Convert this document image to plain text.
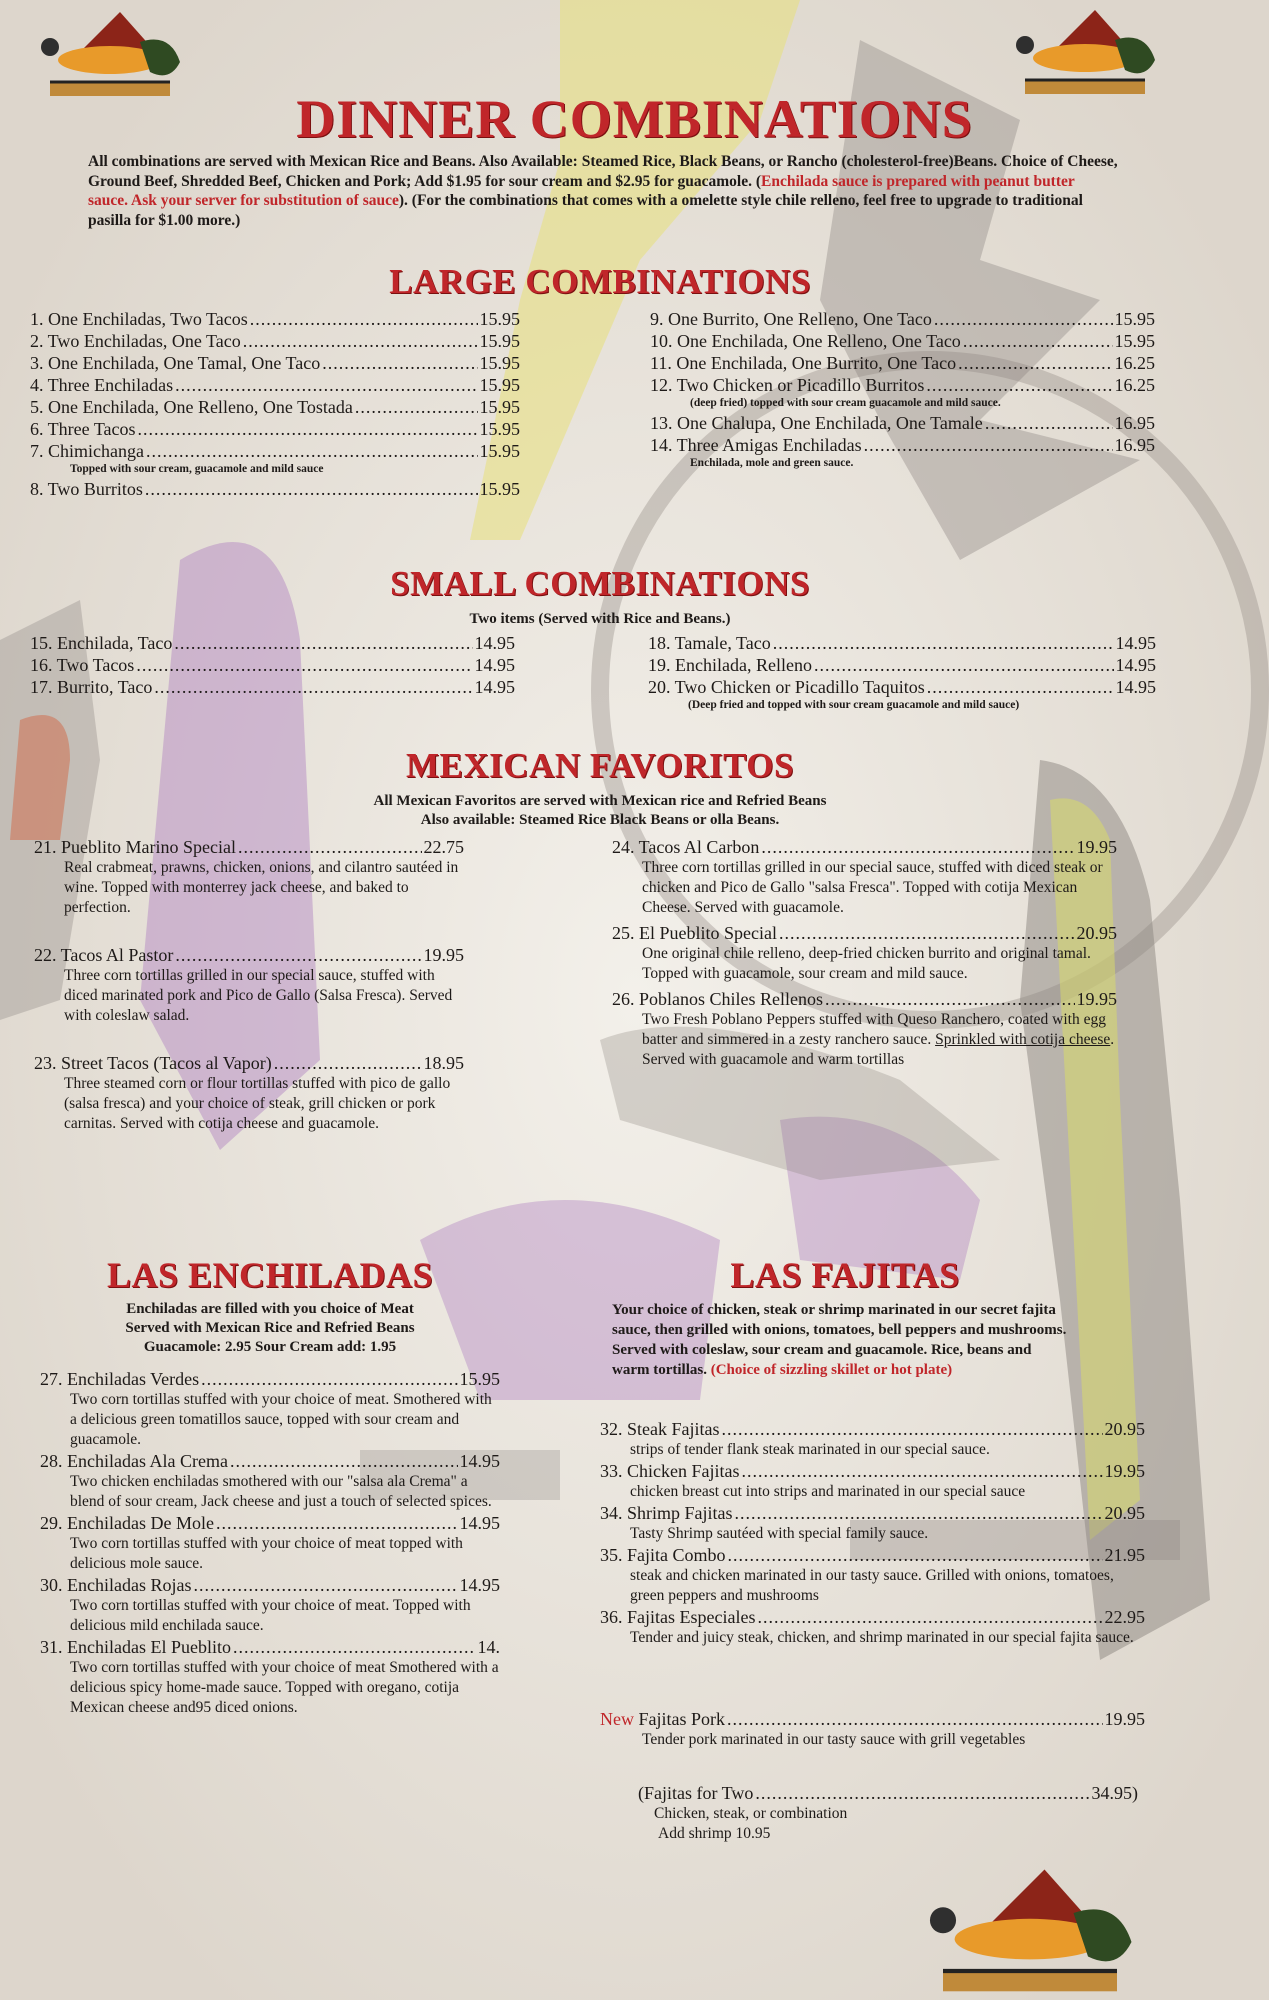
DINNER COMBINATIONS
All combinations are served with Mexican Rice and Beans. Also Available: Steamed Rice, Black Beans, or Rancho (cholesterol-free)Beans. Choice of Cheese, Ground Beef, Shredded Beef, Chicken and Pork; Add $1.95 for sour cream and $2.95 for guacamole. (Enchilada sauce is prepared with peanut butter sauce. Ask your server for substitution of sauce). (For the combinations that comes with a omelette style chile relleno, feel free to upgrade to traditional pasilla for $1.00 more.)
LARGE COMBINATIONS
1. One Enchiladas, Two Tacos .....	15.95
2. Two Enchiladas, One Taco .....	15.95
3. One Enchilada, One Tamal, One Taco .....	15.95
4. Three Enchiladas .....	15.95
5. One Enchilada, One Relleno, One Tostada .....	15.95
6. Three Tacos .....	15.95
7. Chimichanga .....	15.95
Topped with sour cream, guacamole and mild sauce
8. Two Burritos .....	15.95
9. One Burrito, One Relleno, One Taco .....	15.95
10. One Enchilada, One Relleno, One Taco .....	15.95
11. One Enchilada, One Burrito, One Taco .....	16.25
12. Two Chicken or Picadillo Burritos .....	16.25
(deep fried) topped with sour cream guacamole and mild sauce.
13. One Chalupa, One Enchilada, One Tamale .....	16.95
14. Three Amigas Enchiladas .....	16.95
Enchilada, mole and green sauce.
SMALL COMBINATIONS
Two items (Served with Rice and Beans.)
15. Enchilada, Taco .....	14.95
16. Two Tacos .....	14.95
17. Burrito, Taco .....	14.95
18. Tamale, Taco .....	14.95
19. Enchilada, Relleno .....	14.95
20. Two Chicken or Picadillo Taquitos .....	14.95
(Deep fried and topped with sour cream guacamole and mild sauce)
MEXICAN FAVORITOS
All Mexican Favoritos are served with Mexican rice and Refried Beans
Also available: Steamed Rice Black Beans or olla Beans.
21. Pueblito Marino Special .....	22.75
Real crabmeat, prawns, chicken, onions, and cilantro sautéed in wine. Topped with monterrey jack cheese, and baked to perfection.
22. Tacos Al Pastor .....	19.95
Three corn tortillas grilled in our special sauce, stuffed with diced marinated pork and Pico de Gallo (Salsa Fresca). Served with coleslaw salad.
23. Street Tacos (Tacos al Vapor) .....	18.95
Three steamed corn or flour tortillas stuffed with pico de gallo (salsa fresca) and your choice of steak, grill chicken or pork carnitas. Served with cotija cheese and guacamole.
24. Tacos Al Carbon .....	19.95
Three corn tortillas grilled in our special sauce, stuffed with diced steak or chicken and Pico de Gallo "salsa Fresca". Topped with cotija Mexican Cheese. Served with guacamole.
25. El Pueblito Special .....	20.95
One original chile relleno, deep-fried chicken burrito and original tamal. Topped with guacamole, sour cream and mild sauce.
26. Poblanos Chiles Rellenos .....	19.95
Two Fresh Poblano Peppers stuffed with Queso Ranchero, coated with egg batter and simmered in a zesty ranchero sauce. Sprinkled with cotija cheese. Served with guacamole and warm tortillas
LAS ENCHILADAS
Enchiladas are filled with you choice of Meat
Served with Mexican Rice and Refried Beans
Guacamole: 2.95 Sour Cream add: 1.95
27. Enchiladas Verdes .....	15.95
Two corn tortillas stuffed with your choice of meat. Smothered with a delicious green tomatillos sauce, topped with sour cream and guacamole.
28. Enchiladas Ala Crema .....	14.95
Two chicken enchiladas smothered with our "salsa ala Crema" a blend of sour cream, Jack cheese and just a touch of selected spices.
29. Enchiladas De Mole .....	14.95
Two corn tortillas stuffed with your choice of meat topped with delicious mole sauce.
30. Enchiladas Rojas .....	14.95
Two corn tortillas stuffed with your choice of meat. Topped with delicious mild enchilada sauce.
31. Enchiladas El Pueblito .....	14.
Two corn tortillas stuffed with your choice of meat Smothered with a delicious spicy home-made sauce. Topped with oregano, cotija Mexican cheese and95 diced onions.
LAS FAJITAS
Your choice of chicken, steak or shrimp marinated in our secret fajita sauce, then grilled with onions, tomatoes, bell peppers and mushrooms. Served with coleslaw, sour cream and guacamole. Rice, beans and warm tortillas. (Choice of sizzling skillet or hot plate)
32. Steak Fajitas .....	20.95
strips of tender flank steak marinated in our special sauce.
33. Chicken Fajitas .....	19.95
chicken breast cut into strips and marinated in our special sauce
34. Shrimp Fajitas .....	20.95
Tasty Shrimp sautéed with special family sauce.
35. Fajita Combo .....	21.95
steak and chicken marinated in our tasty sauce. Grilled with onions, tomatoes, green peppers and mushrooms
36. Fajitas Especiales .....	22.95
Tender and juicy steak, chicken, and shrimp marinated in our special fajita sauce.
New Fajitas Pork .....	19.95
Tender pork marinated in our tasty sauce with grill vegetables
(Fajitas for Two .....	34.95)
Chicken, steak, or combination
Add shrimp 10.95
